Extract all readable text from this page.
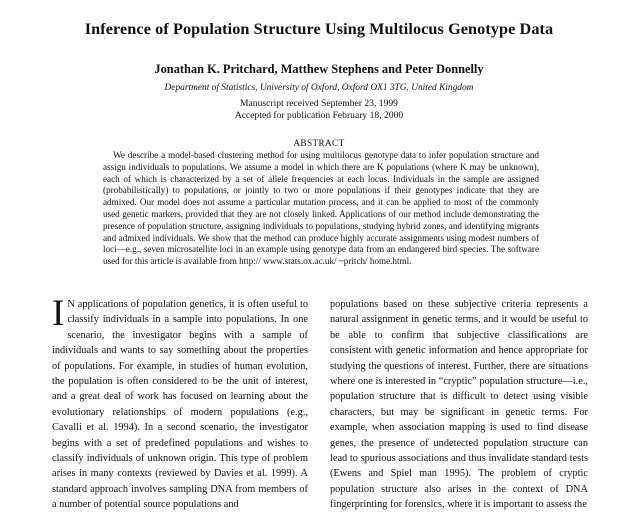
Inference of Population Structure Using Multilocus Genotype Data
Jonathan K. Pritchard, Matthew Stephens and Peter Donnelly
Department of Statistics, University of Oxford, Oxford OX1 3TG, United Kingdom
Manuscript received September 23, 1999
Accepted for publication February 18, 2000
ABSTRACT

We describe a model-based clustering method for using multilocus genotype data to infer population structure and assign individuals to populations. We assume a model in which there are K populations (where K may be unknown), each of which is characterized by a set of allele frequencies at each locus. Individuals in the sample are assigned (probabilistically) to populations, or jointly to two or more populations if their genotypes indicate that they are admixed. Our model does not assume a particular mutation process, and it can be applied to most of the commonly used genetic markers, provided that they are not closely linked. Applications of our method include demonstrating the presence of population structure, assigning individuals to populations, studying hybrid zones, and identifying migrants and admixed individuals. We show that the method can produce highly accurate assignments using modest numbers of loci—e.g., seven microsatellite loci in an example using genotype data from an endangered bird species. The software used for this article is available from http:// www.stats.ox.ac.uk/ ~pritch/ home.html.

I N applications of population genetics, it is often useful to classify individuals in a sample into populations. In one scenario, the investigator begins with a sample of individuals and wants to say something about the properties of populations. For example, in studies of human evolution, the population is often considered to be the unit of interest, and a great deal of work has focused on learning about the evolutionary relationships of modern populations (e.g., Cavalli et al. 1994). In a second scenario, the investigator begins with a set of predefined populations and wishes to classify individuals of unknown origin. This type of problem arises in many contexts (reviewed by Davies et al. 1999). A standard approach involves sampling DNA from members of a number of potential source populations and

populations based on these subjective criteria represents a natural assignment in genetic terms, and it would be useful to be able to confirm that subjective classifications are consistent with genetic information and hence appropriate for studying the questions of interest. Further, there are situations where one is interested in “cryptic” population structure—i.e., population structure that is difficult to detect using visible characters, but may be significant in genetic terms. For example, when association mapping is used to find disease genes, the presence of undetected population structure can lead to spurious associations and thus invalidate standard tests (Ewens and Spiel man 1995). The problem of cryptic population structure also arises in the context of DNA fingerprinting for forensics, where it is important to assess the
